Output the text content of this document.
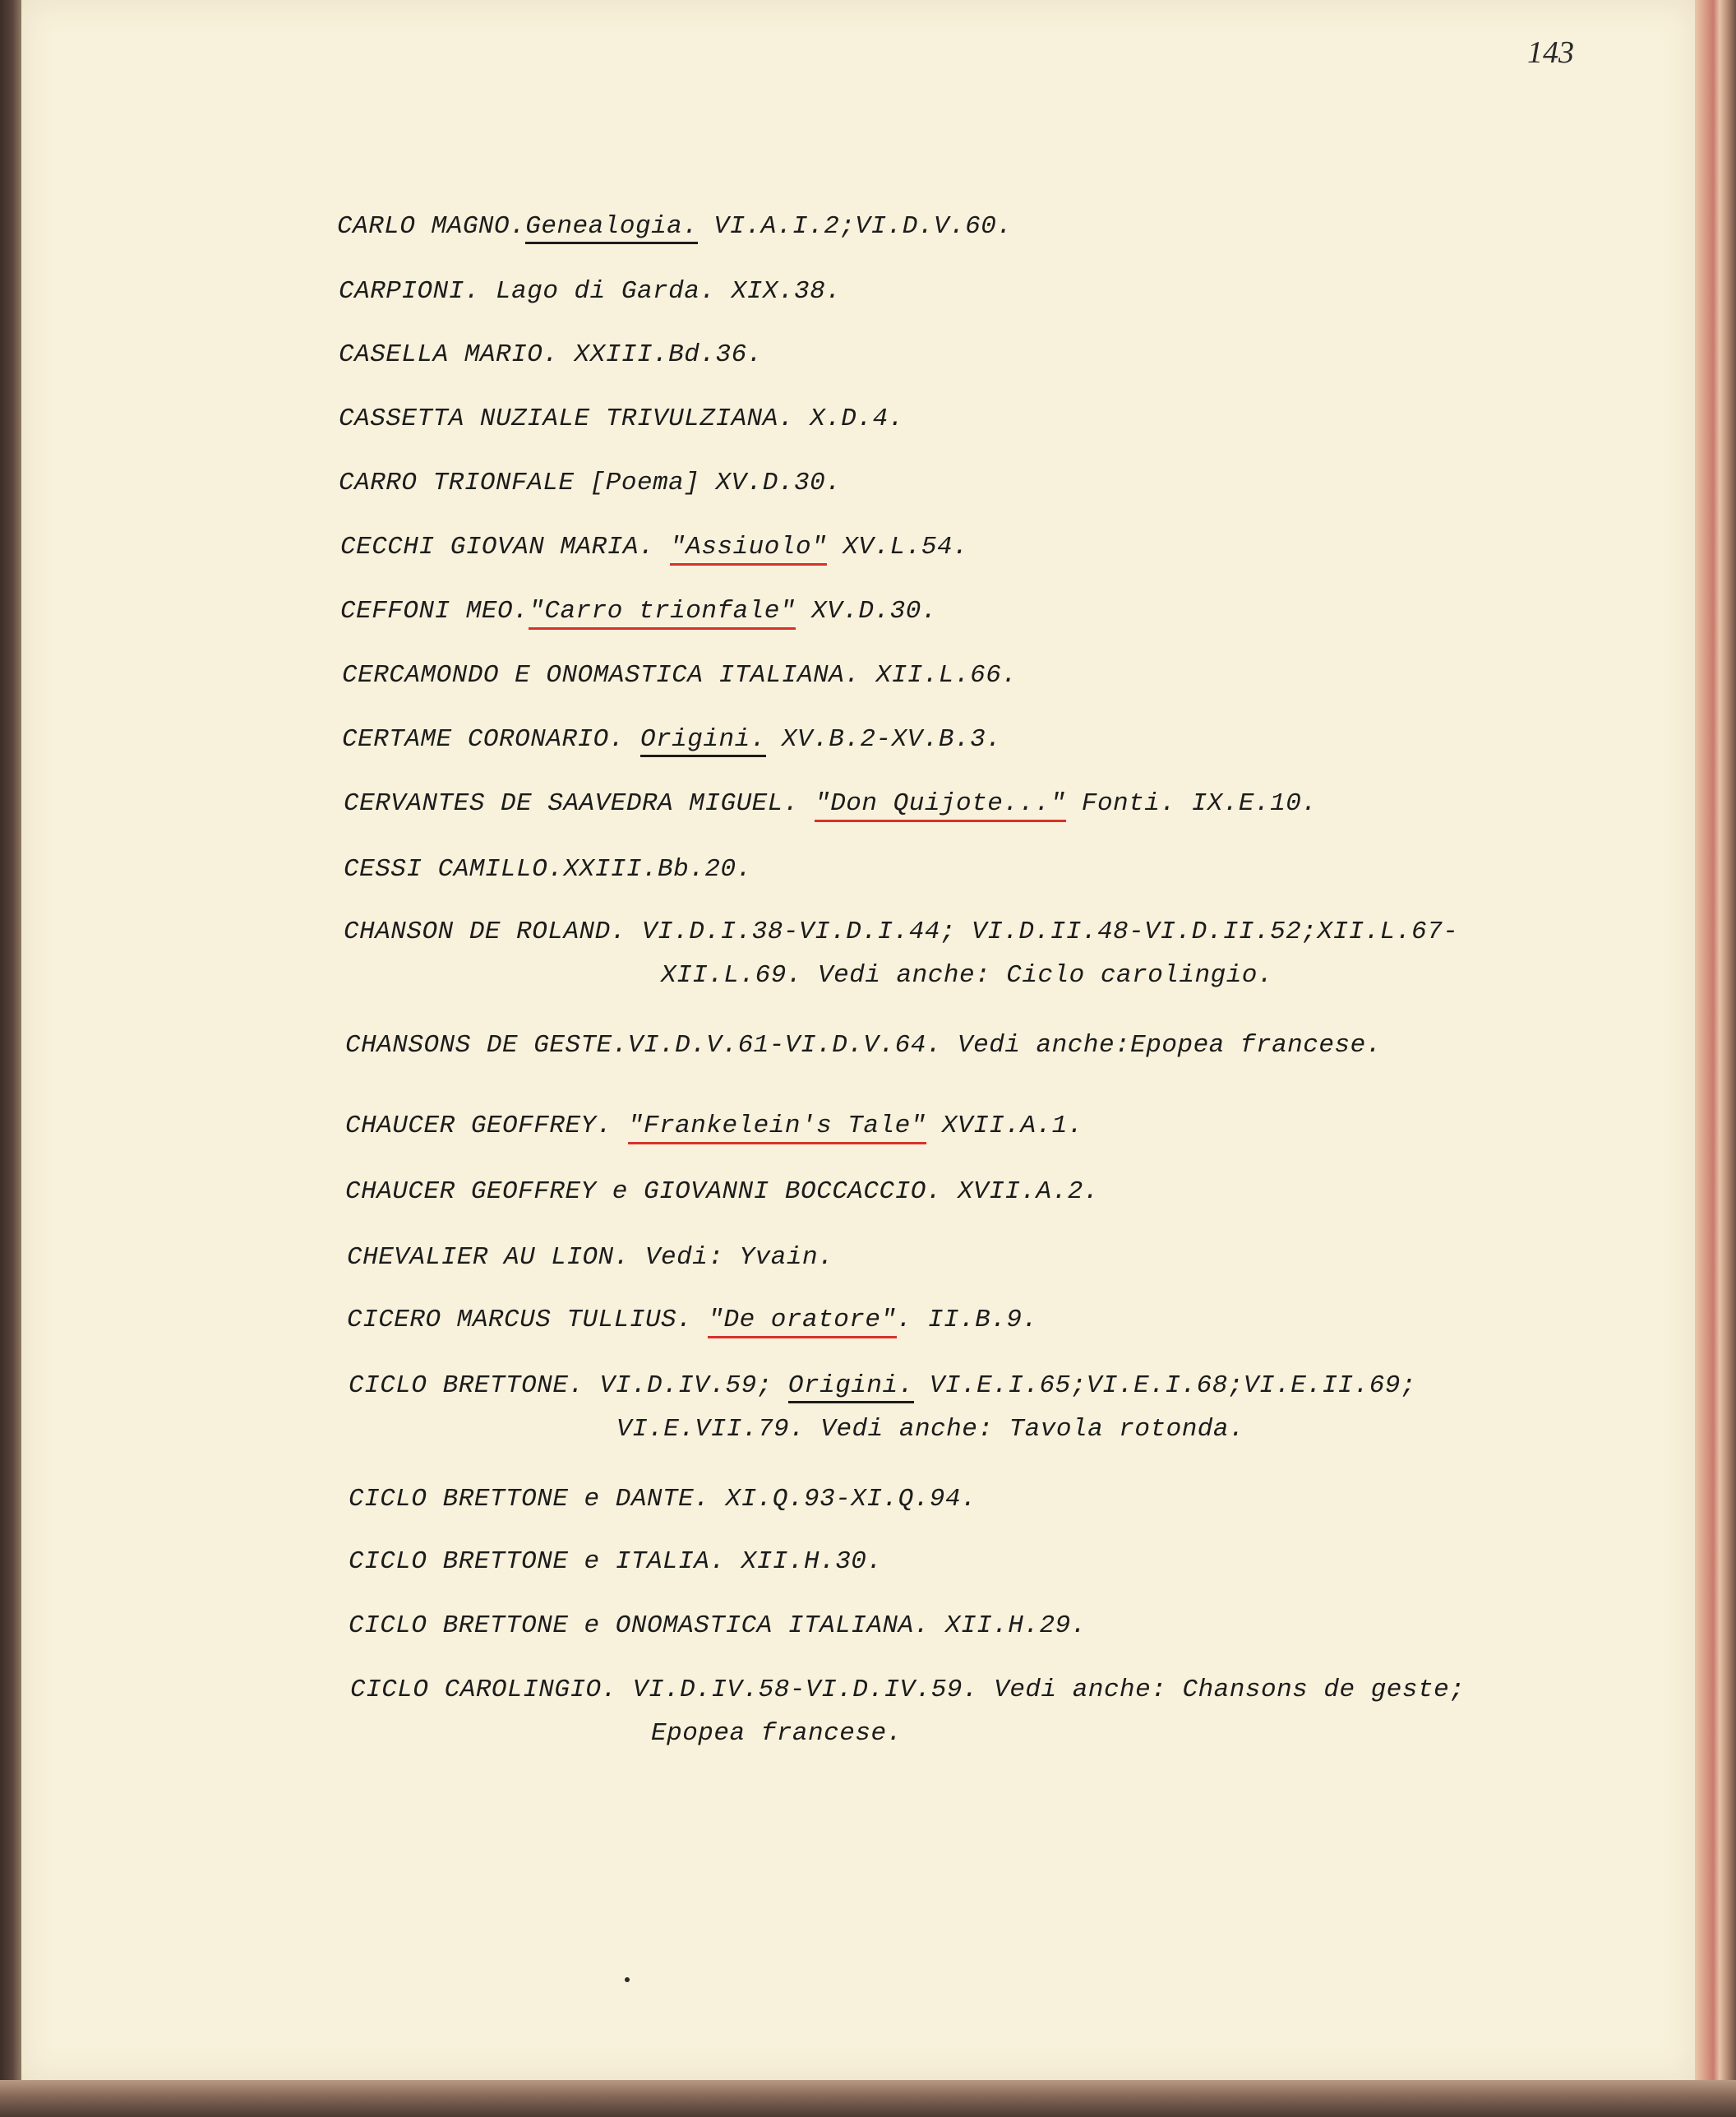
143
CARLO MAGNO.Genealogia. VI.A.I.2;VI.D.V.60.
CARPIONI. Lago di Garda. XIX.38.
CASELLA MARIO. XXIII.Bd.36.
CASSETTA NUZIALE TRIVULZIANA. X.D.4.
CARRO TRIONFALE [Poema] XV.D.30.
CECCHI GIOVAN MARIA. "Assiuolo" XV.L.54.
CEFFONI MEO."Carro trionfale" XV.D.30.
CERCAMONDO E ONOMASTICA ITALIANA. XII.L.66.
CERTAME CORONARIO. Origini. XV.B.2-XV.B.3.
CERVANTES DE SAAVEDRA MIGUEL. "Don Quijote..." Fonti. IX.E.10.
CESSI CAMILLO.XXIII.Bb.20.
CHANSON DE ROLAND. VI.D.I.38-VI.D.I.44; VI.D.II.48-VI.D.II.52;XII.L.67-
XII.L.69. Vedi anche: Ciclo carolingio.
CHANSONS DE GESTE.VI.D.V.61-VI.D.V.64. Vedi anche:Epopea francese.
CHAUCER GEOFFREY. "Frankelein's Tale" XVII.A.1.
CHAUCER GEOFFREY e GIOVANNI BOCCACCIO. XVII.A.2.
CHEVALIER AU LION. Vedi: Yvain.
CICERO MARCUS TULLIUS. "De oratore". II.B.9.
CICLO BRETTONE. VI.D.IV.59; Origini. VI.E.I.65;VI.E.I.68;VI.E.II.69;
VI.E.VII.79. Vedi anche: Tavola rotonda.
CICLO BRETTONE e DANTE. XI.Q.93-XI.Q.94.
CICLO BRETTONE e ITALIA. XII.H.30.
CICLO BRETTONE e ONOMASTICA ITALIANA. XII.H.29.
CICLO CAROLINGIO. VI.D.IV.58-VI.D.IV.59. Vedi anche: Chansons de geste;
Epopea francese.
